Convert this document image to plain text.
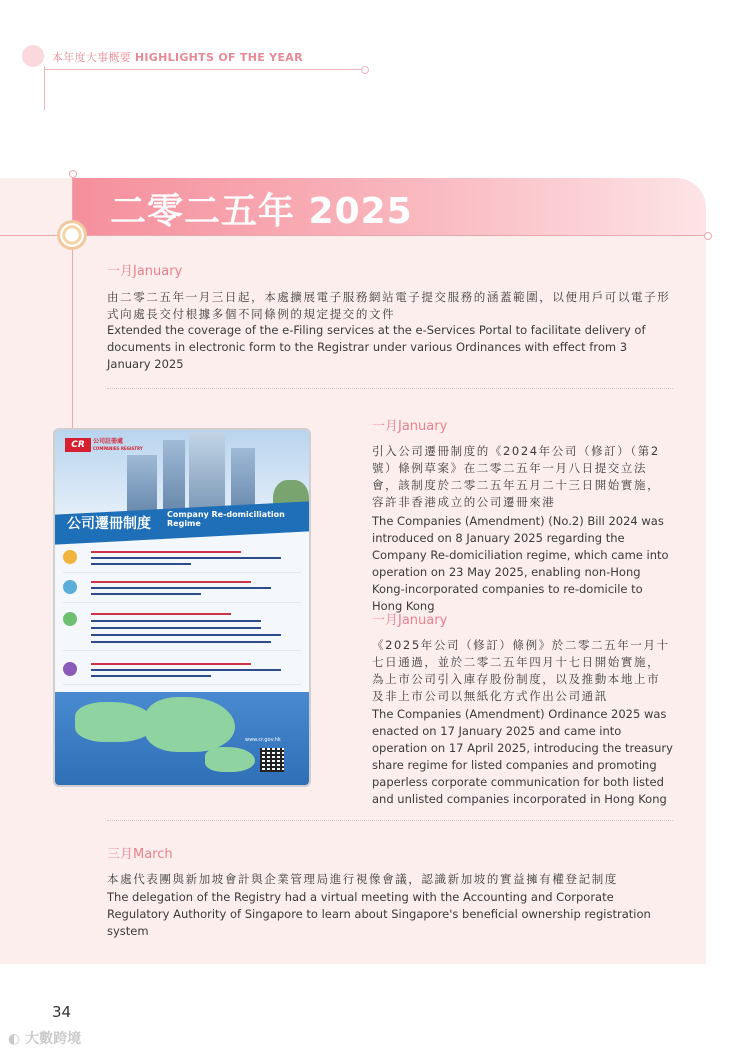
本年度大事概要 HIGHLIGHTS OF THE YEAR
二零二五年 2025
一月January
由二零二五年一月三日起，本處擴展電子服務網站電子提交服務的涵蓋範圍，以便用戶可以電子形式向處長交付根據多個不同條例的規定提交的文件
Extended the coverage of the e-Filing services at the e-Services Portal to facilitate delivery of documents in electronic form to the Registrar under various Ordinances with effect from 3 January 2025
CR	公司註冊處
COMPANIES REGISTRY
公司遷冊制度
Company Re-domiciliation Regime
www.cr.gov.hk
一月January
引入公司遷冊制度的《2024年公司（修訂）（第2號）條例草案》在二零二五年一月八日提交立法會，該制度於二零二五年五月二十三日開始實施，容許非香港成立的公司遷冊來港
The Companies (Amendment) (No.2) Bill 2024 was introduced on 8 January 2025 regarding the Company Re-domiciliation regime, which came into operation on 23 May 2025, enabling non-Hong Kong-incorporated companies to re-domicile to Hong Kong
一月January
《2025年公司（修訂）條例》於二零二五年一月十七日通過，並於二零二五年四月十七日開始實施，為上市公司引入庫存股份制度，以及推動本地上市及非上市公司以無紙化方式作出公司通訊
The Companies (Amendment) Ordinance 2025 was enacted on 17 January 2025 and came into operation on 17 April 2025, introducing the treasury share regime for listed companies and promoting paperless corporate communication for both listed and unlisted companies incorporated in Hong Kong
三月March
本處代表團與新加坡會計與企業管理局進行視像會議，認識新加坡的實益擁有權登記制度
The delegation of the Registry had a virtual meeting with the Accounting and Corporate Regulatory Authority of Singapore to learn about Singapore's beneficial ownership registration system
34
◐ 大數跨境
